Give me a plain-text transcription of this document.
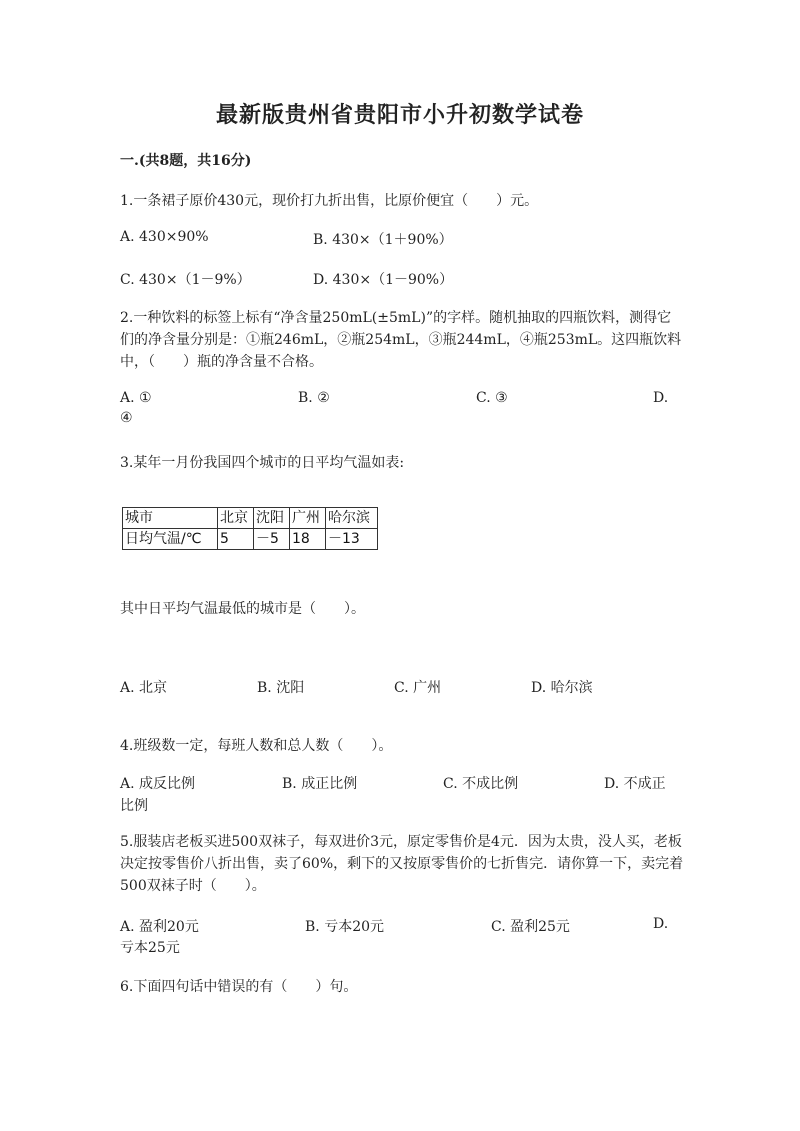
最新版贵州省贵阳市小升初数学试卷
一.(共8题，共16分)
1.一条裙子原价430元，现价打九折出售，比原价便宜（　　）元。
A. 430×90%	B. 430×（1＋90%）
C. 430×（1－9%）	D. 430×（1－90%）
2.一种饮料的标签上标有“净含量250mL(±5mL)”的字样。随机抽取的四瓶饮料，测得它们的净含量分别是：①瓶246mL，②瓶254mL，③瓶244mL，④瓶253mL。这四瓶饮料中，（　　）瓶的净含量不合格。
A. ①	B. ②	C. ③	D.
④
3.某年一月份我国四个城市的日平均气温如表:
城市	北京	沈阳	广州	哈尔滨
日均气温/℃	5	－5	18	－13
其中日平均气温最低的城市是（　　）。
A. 北京	B. 沈阳	C. 广州	D. 哈尔滨
4.班级数一定，每班人数和总人数（　　）。
A. 成反比例	B. 成正比例	C. 不成比例	D. 不成正
比例
5.服装店老板买进500双袜子，每双进价3元，原定零售价是4元．因为太贵，没人买，老板决定按零售价八折出售，卖了60%，剩下的又按原零售价的七折售完．请你算一下，卖完着500双袜子时（　　）。
A. 盈利20元	B. 亏本20元	C. 盈利25元	D.
亏本25元
6.下面四句话中错误的有（　　）句。
